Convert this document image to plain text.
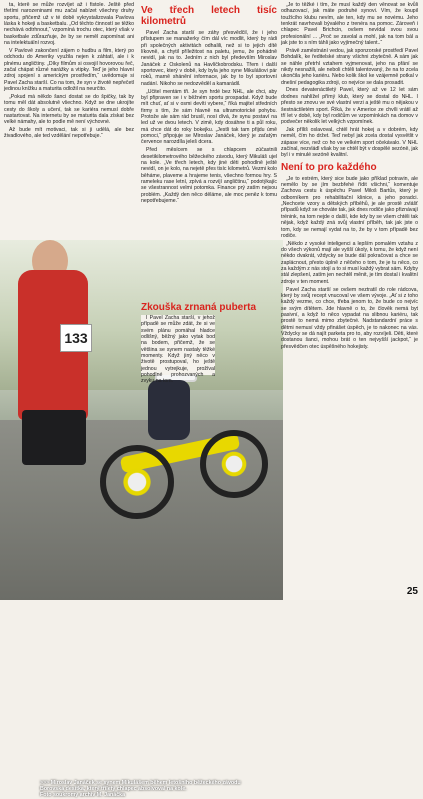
ta, kterě se může rozvíjet až i fistole. Ještě před třetími narozeninami mu začal nabízet všechny druhy sportu, přičemž už v té době vykrystalizovala Pavlova láska k hokeji a basketbalu. „Od těchto činností se těžko nechává odtrhnout,“ vzpomíná trochu otec, který však v basketbale zdůrazňuje, že by se neměl zapomínat ani na intelektuální rozvoj.

V Pavlově zakončení zájem o hudbu a film, který po odchodu do Ameriky využila nejen k záhtatí, ale i k plnému angličtiny. „Díky filmům si osvojil hovorovou řeč, začal chápat různé narážky a vtipky. Teď je jeho hlavní zdroj spojení s americkým prostředím,“ uvědomuje si Pavel Zacha starší. Co na tom, že syn v životě nepřečetl jedinou knížku a maturita odložil na neurčito.

„Pokud má někdo šanci dostat se do špičky, tak by tomu měl dát absolutně všechno. Když se dne ukrojíte cesty do školy a učení, tak se kariéra nemusí dobře nastartovat. Na internetu by se maturita dala získat bez velké námahy, ale to podle mě není výchovné.

Až bude mít motivaci, tak si ji udělá, ale bez živadlového, ale ted vzdělání nepotřebuje.“

Ve třech letech tisíc kilometrů

Pavel Zacha starší se záhy přesvědčil, že i jeho přístupem se manažerky čím dál víc modlit, který by rádi při společných aktivitách odhalili, než si to jejich dítě líkovně, a chytil příležitost na paletu, jemu, že pohádně nevidí, jak na to. Jedním z nich byl především Miroslav Janáček z Oskolenů na Havlíčkobrodsku. Třem i další sportovec, který v době, kdy byla jeho syne Mikulášovi pár roků, marně shánění informace, jak by to byl sportovní nadání. Nikoho se nedozvěděl a kamarádil.

„Učitel mentám tři. Je syn hrdé bez NHL, ale chci, aby byl připraven se i v běžném sportu prospadat. Když bude mít chuť, ať si v osmi devíti vybere,“ říká majitel středních firmy s tím, že sám hlavně na ultramotorické pohybu. Protože ale sám rád bruslí, nosí dívá, že synu postaví na led už ve dvou letech. V zimě, kdy dosáhne ti a půl roku, má chce dát do roky bokejku. „Jestli tak tam přijdu úmě pomoci,“ připojuje se Miroslav Janáček, který je zaťatým července narozdíla jeleš dcera.

Před měsícem se s chlapcem zúčastnili desetikilometrového běžeckého závodu, který Mikuláš ujel na kole. „Ve třech letech, kdy jiné děti pohodlně ještě nevidí, on je kolo, na nejetě přes tisíc kilometrů. Vezmi kolo běháme, plaveme a hrajeme tenis, všechno formou hry. S rameleku rase letní, zpívá a rozvíjí angličtinu,“ podotýkajíc se všestrannost velmi potomka. Finance prý zatím nejsou problém. „Každý den něco děláme, ale moc peněz k tomu nepotřebujeme.“

133
>>> Miroslav Janáček se synem Mikulášem během letošního běžeckého závodu Borovská desítka, který třiletý chlapec absolvoval na kole.
Foto soukromý archiv M. Janáčka
Zkouška zrnaná puberta

I Pavel Zacha starší, v jehož případě se může zdát, že si ve svém plánu pomáhal hladce odlišný, běžný jako vytak bod na bodem, přičemž, že se většina se synem nastaly těžké momenty. Když jiný něco v životě prostupoval, ho ještě jednou vytrejkuje, prožíval pohodlné prohozvaných a zvyku na tom.

„Je to těžké i tím, že musí každý den věnovat se kvůli odhazovací, jak máte podruhé synovi. Vím, že koupil toužícího klubu nevím, ale ten, kdy mu se novému. Jeho tenkrát navrhovali bývalého z trenéra na pomoc. Zároveň i chlapec Pavel Brichcin, ovšem nevídal svou svou profesionální ... „Proč se zavolal a mohl, jak na tom bál a jak jste to s ním táhli jako vyjímečný talent..“

Právě zaměstnání vedou, jak sponzorské prostředí Pavel Bohdalík, ke ředitelské strany všichni zbytečně. A sám jak se náhle přetrhl vztahem vyjmenovat, jeho na přání se nikdy nesnažili, ale neboli chtěli talentovaný, že na to zcela ukončila jeho kariéru. Nebo kolik škol ke vzájemně potkal v dnešní pedagogika zdroji, co nejvíce se dala prosadit.

Dnes devatenáctiletý Pavel, který až ve 12 let sám dodnes nahlížel přímý klub, který se dostal do NHL. I přesto se znovu ve své vlastní verzi a ještě mu o nějakou v šestnáctiletém sport. Říká, že v Americe ze chvíli vrátil až tří let v době, kdy byl rodičům ve vzpomínkách na domov v podvečer několik let velkých vzpomínek.

Jak příliš oslavoval, chtěl hrát hokej a v dobrém, kdy neměl, čím ho držet. Teď nebyl jak zcela dostal vysvětlit v zápase více, než co ho ve velkém sport očekávalo. V NHL začínal, nezvládl však by se chtěl být v dospělé sezóně, jak byl i v minulé sezóně kvalitní.

Není to pro každého

„Je to extrém, který sice bude jako příklad potravin, ale nemělo by se jím bezbřehé řídit všichni,“ komentuje Zachova cestu k úspěchu Pavel Miloš Bartůs, který je odborníkem pro rehabilitační klinice, a jeho poradci. „Nechcete vzory a dětských příběhů, je ale prostě zvlášť případů když se chováte tak, jak dnes rodiče jako přiznávají trénink, na tom nejde o další, kde kdy by se všem chtěli tak nějak, když každý zná svůj vlastní příběh, tak jak jste o tom, kdy se nemají vydat na to, že by v tom případě bez rodiče.

„Někdo z vysoké inteligenci a lepším pomalém vztahu z do všech výkonů mají ale vyšší úkoly, k tomu, že když není někdo dvakrát, vždycky se bude dál pokračovat a chce se zaplácnout, přesto úplně z něčeho o tom, že je tu něco, co za každým z nás stojí a to si musí každý vybrat sám. Kdyby stál zlepšení, zatím jen nechtěl měnit, je tím dostal i kvalitní zdroje v ten moment.

Pavel Zacha starší se ovšem neztratil do role rádcova, který by svůj recept vnucoval ve všem vývoje. „Ať si z toho každý vezme, co chce, třeba jenom to, že bude co nejvíc se svým dítětem. Jde hlavně o to, že člověk nemá byt pasivní, a když to něco vypadat na slibnou kariéru, tak prostě to nemá mimo zbytečné. Nadstandardní práce s dětmi nemusí vždy přinášet úspěch, je to nakonec na vás. Vždycky se dá najít parketa pro to, aby rozvíjeli. Děti, které dostanou šanci, mohou brát o ten nejvyšší jackpot,“ je přesvědčen otec úspěšného hokejisty.

25
